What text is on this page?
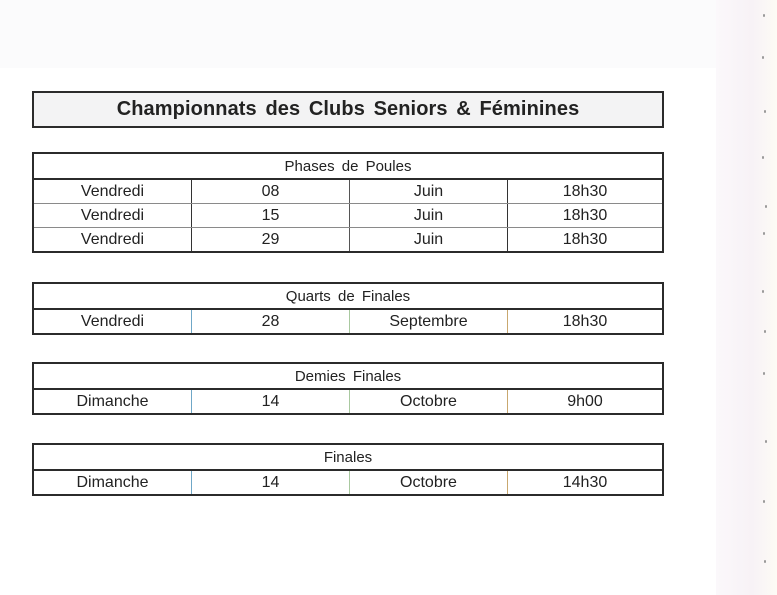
Championnats des Clubs Seniors & Féminines
Phases de Poules
Vendredi	08	Juin	18h30
Vendredi	15	Juin	18h30
Vendredi	29	Juin	18h30
Quarts de Finales
Vendredi	28	Septembre	18h30
Demies Finales
Dimanche	14	Octobre	9h00
Finales
Dimanche	14	Octobre	14h30
